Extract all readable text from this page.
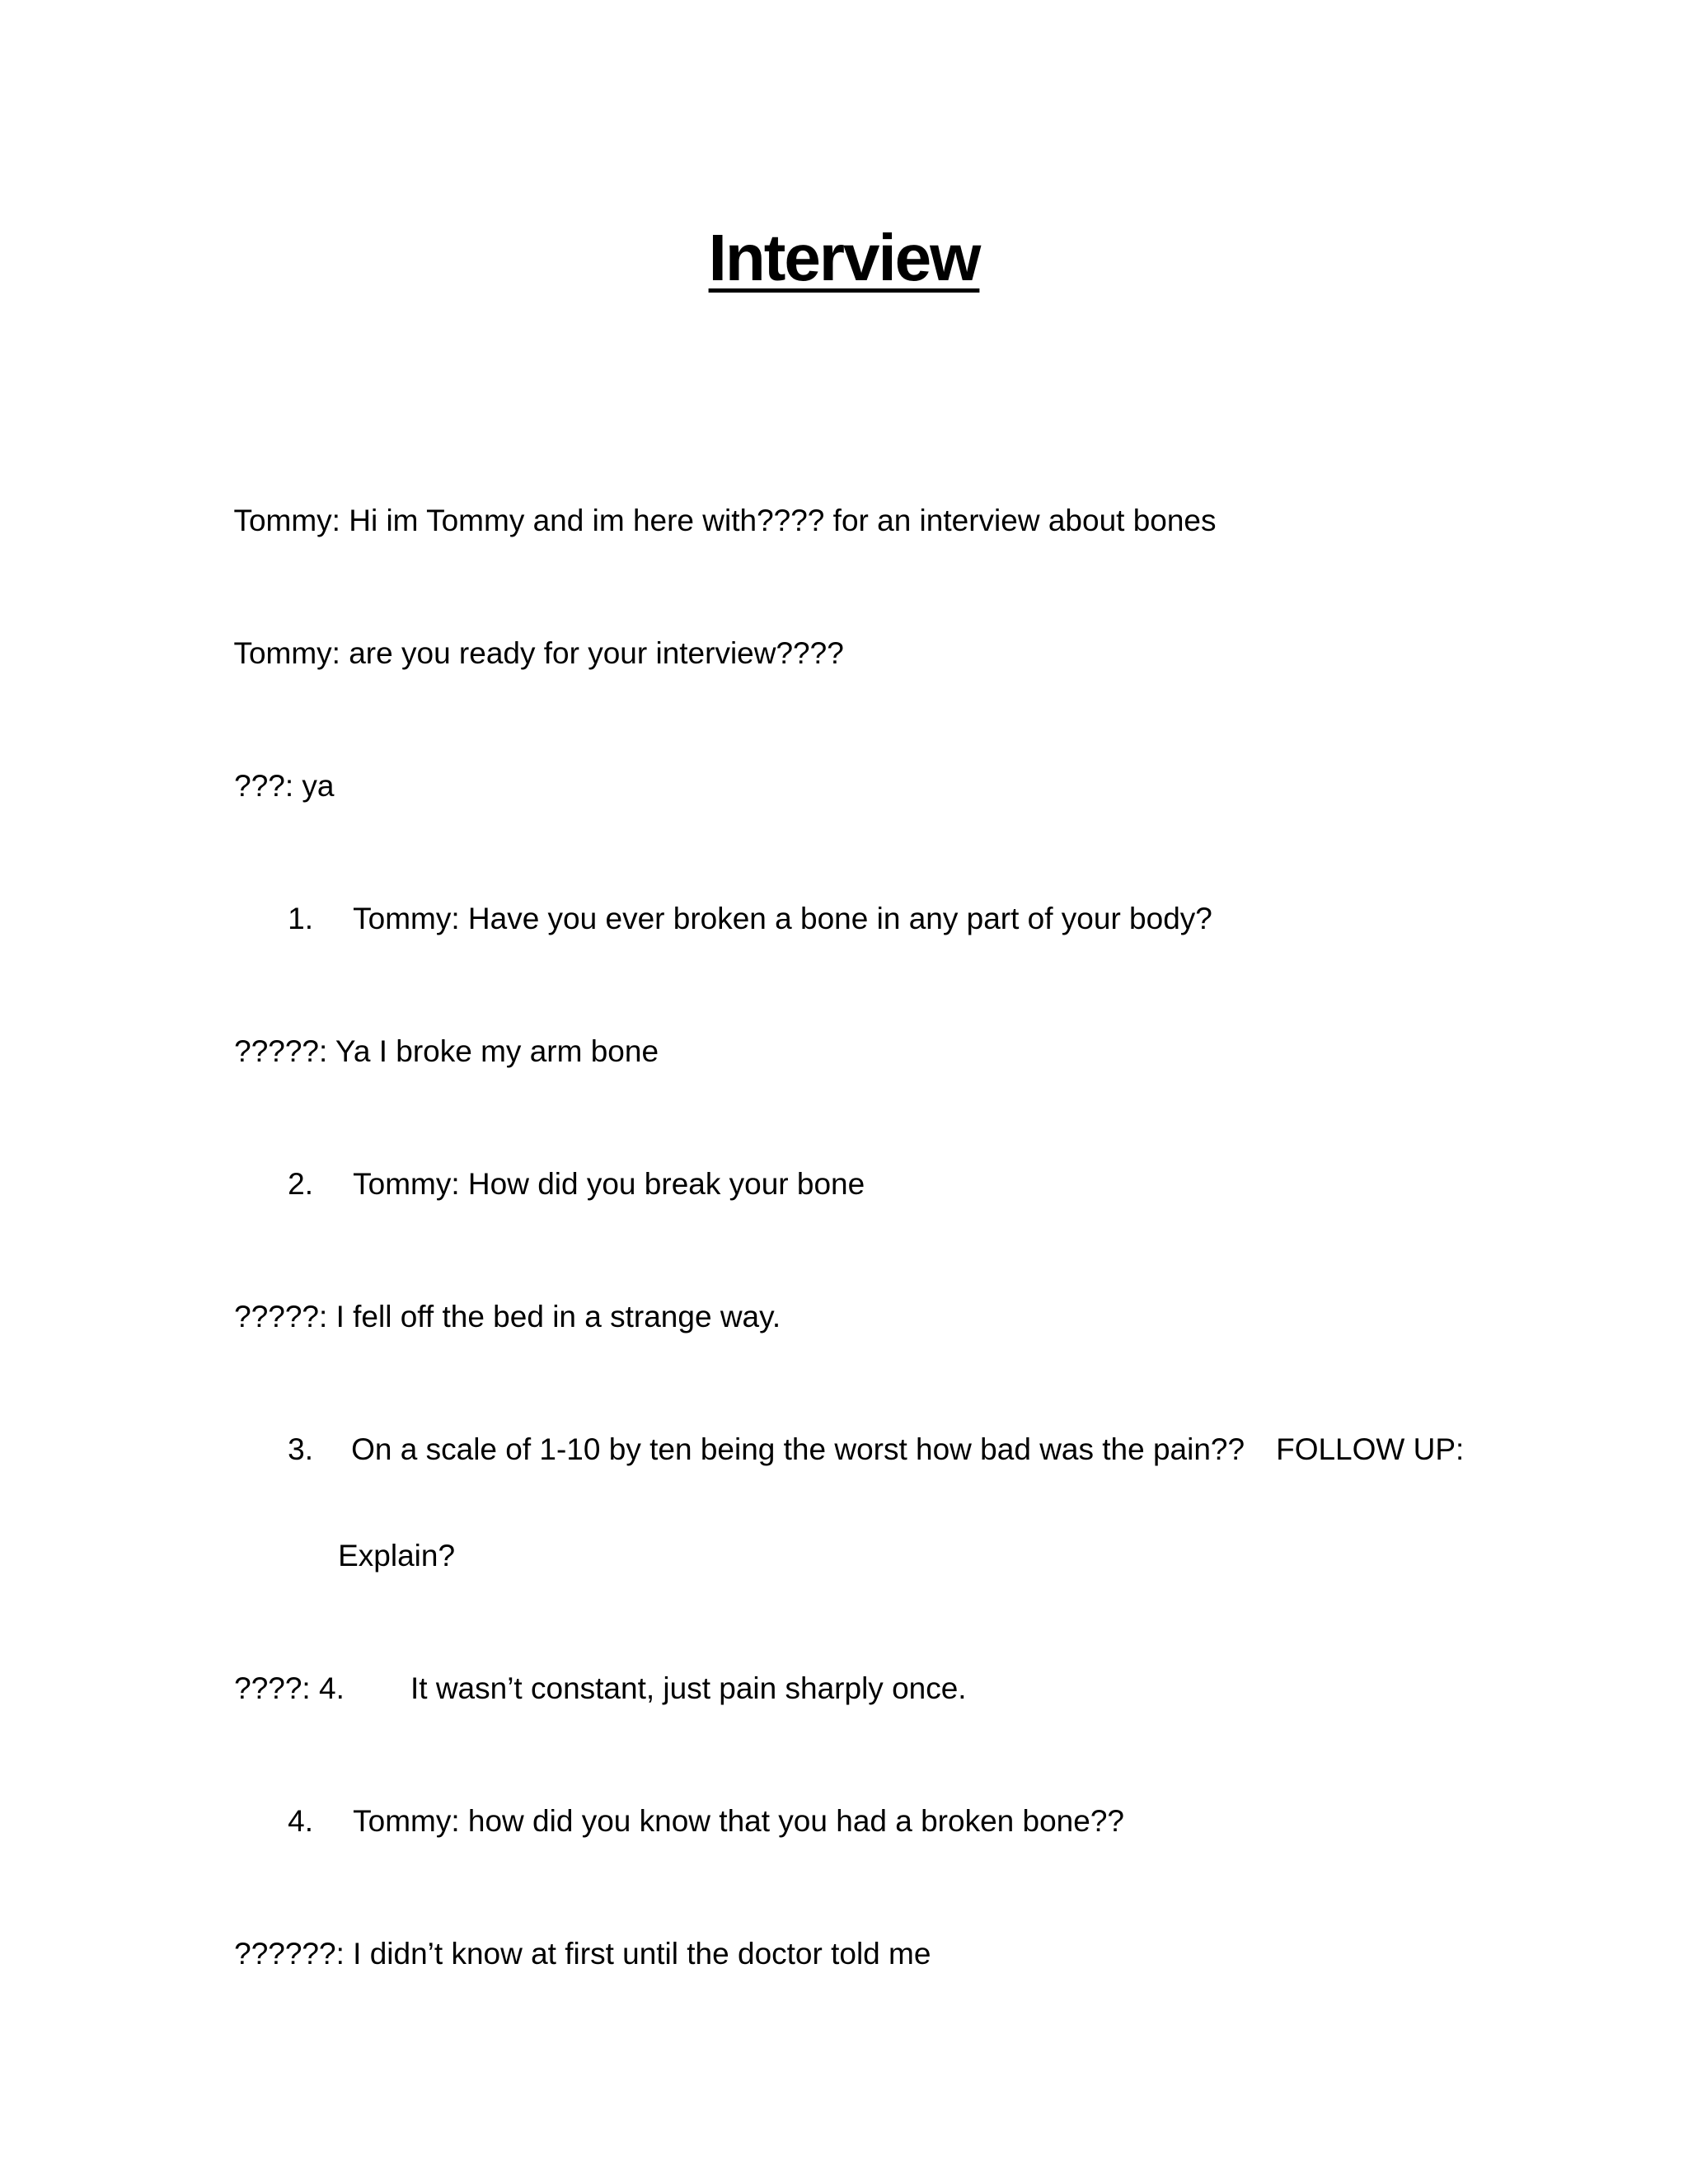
Interview

Tommy: Hi im Tommy and im here with???? for an interview about bones

Tommy: are you ready for your interview????

???: ya

1. Tommy: Have you ever broken a bone in any part of your body?

?????: Ya I broke my arm bone

2. Tommy: How did you break your bone

?????: I fell off the bed in a strange way.

3. On a scale of 1-10 by ten being the worst how bad was the pain?? FOLLOW UP:

Explain?

????: 4. It wasn’t constant, just pain sharply once.

4. Tommy: how did you know that you had a broken bone??

??????: I didn’t know at first until the doctor told me
